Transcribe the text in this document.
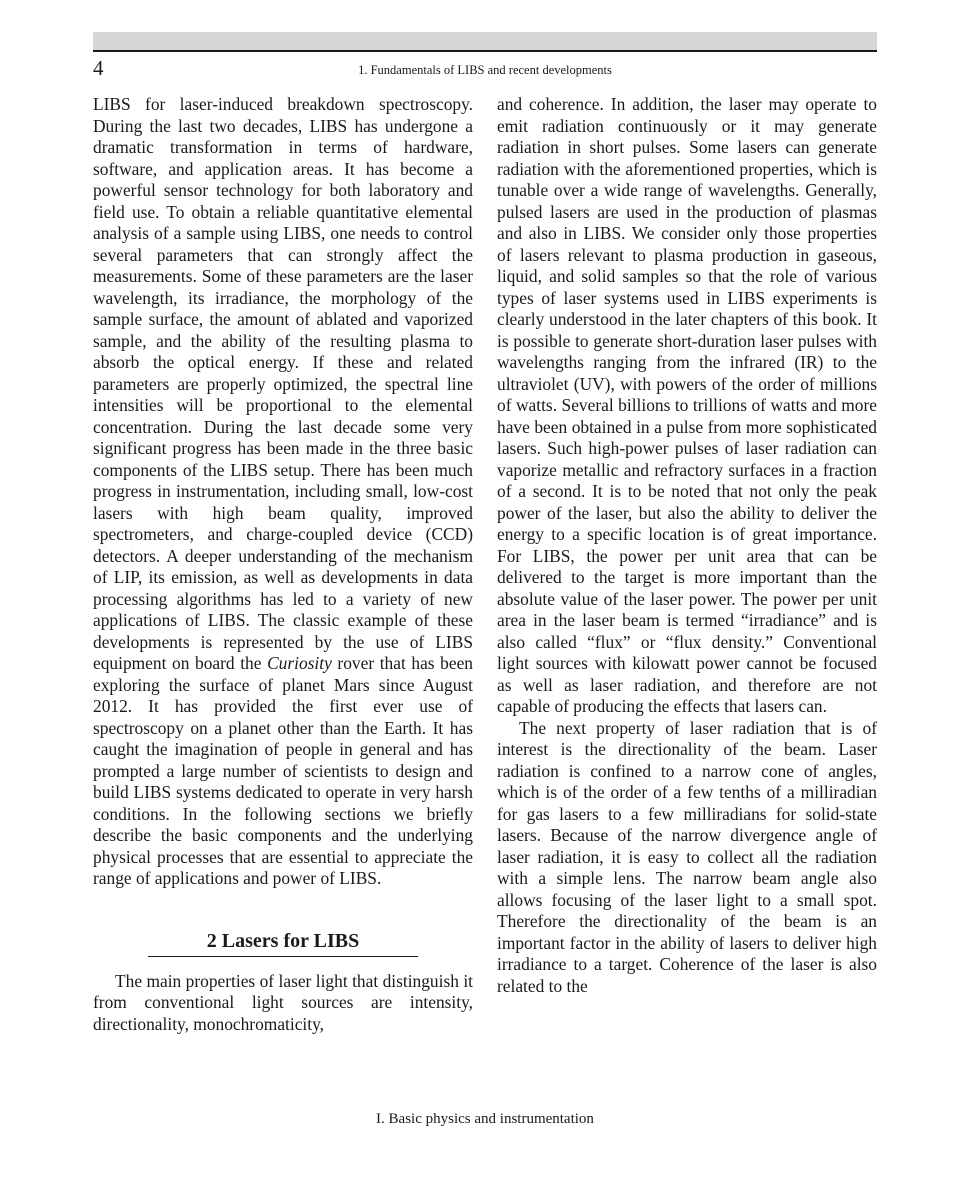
4	1. Fundamentals of LIBS and recent developments

LIBS for laser-induced breakdown spectroscopy. During the last two decades, LIBS has undergone a dramatic transformation in terms of hardware, software, and application areas. It has become a powerful sensor technology for both laboratory and field use. To obtain a reliable quantitative elemental analysis of a sample using LIBS, one needs to control several parameters that can strongly affect the measurements. Some of these parameters are the laser wavelength, its irradiance, the morphology of the sample surface, the amount of ablated and vaporized sample, and the ability of the resulting plasma to absorb the optical energy. If these and related parameters are properly optimized, the spectral line intensities will be proportional to the elemental concentration. During the last decade some very significant progress has been made in the three basic components of the LIBS setup. There has been much progress in instrumentation, including small, low-cost lasers with high beam quality, improved spectrometers, and charge-coupled device (CCD) detectors. A deeper understanding of the mechanism of LIP, its emission, as well as developments in data processing algorithms has led to a variety of new applications of LIBS. The classic example of these developments is represented by the use of LIBS equipment on board the Curiosity rover that has been exploring the surface of planet Mars since August 2012. It has provided the first ever use of spectroscopy on a planet other than the Earth. It has caught the imagination of people in general and has prompted a large number of scientists to design and build LIBS systems dedicated to operate in very harsh conditions. In the following sections we briefly describe the basic components and the underlying physical processes that are essential to appreciate the range of applications and power of LIBS.

2 Lasers for LIBS

The main properties of laser light that distinguish it from conventional light sources are intensity, directionality, monochromaticity,

and coherence. In addition, the laser may operate to emit radiation continuously or it may generate radiation in short pulses. Some lasers can generate radiation with the aforementioned properties, which is tunable over a wide range of wavelengths. Generally, pulsed lasers are used in the production of plasmas and also in LIBS. We consider only those properties of lasers relevant to plasma production in gaseous, liquid, and solid samples so that the role of various types of laser systems used in LIBS experiments is clearly understood in the later chapters of this book. It is possible to generate short-duration laser pulses with wavelengths ranging from the infrared (IR) to the ultraviolet (UV), with powers of the order of millions of watts. Several billions to trillions of watts and more have been obtained in a pulse from more sophisticated lasers. Such high-power pulses of laser radiation can vaporize metallic and refractory surfaces in a fraction of a second. It is to be noted that not only the peak power of the laser, but also the ability to deliver the energy to a specific location is of great importance. For LIBS, the power per unit area that can be delivered to the target is more important than the absolute value of the laser power. The power per unit area in the laser beam is termed “irradiance” and is also called “flux” or “flux density.” Conventional light sources with kilowatt power cannot be focused as well as laser radiation, and therefore are not capable of producing the effects that lasers can.

The next property of laser radiation that is of interest is the directionality of the beam. Laser radiation is confined to a narrow cone of angles, which is of the order of a few tenths of a milliradian for gas lasers to a few milliradians for solid-state lasers. Because of the narrow divergence angle of laser radiation, it is easy to collect all the radiation with a simple lens. The narrow beam angle also allows focusing of the laser light to a small spot. Therefore the directionality of the beam is an important factor in the ability of lasers to deliver high irradiance to a target. Coherence of the laser is also related to the

I. Basic physics and instrumentation
